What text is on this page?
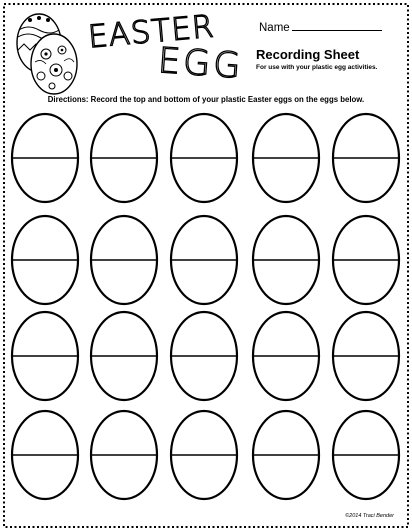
EASTER
EGG
Name
Recording Sheet
For use with your plastic egg activities.
Directions: Record the top and bottom of your plastic Easter eggs on the eggs below.
©2014 Traci Bender
